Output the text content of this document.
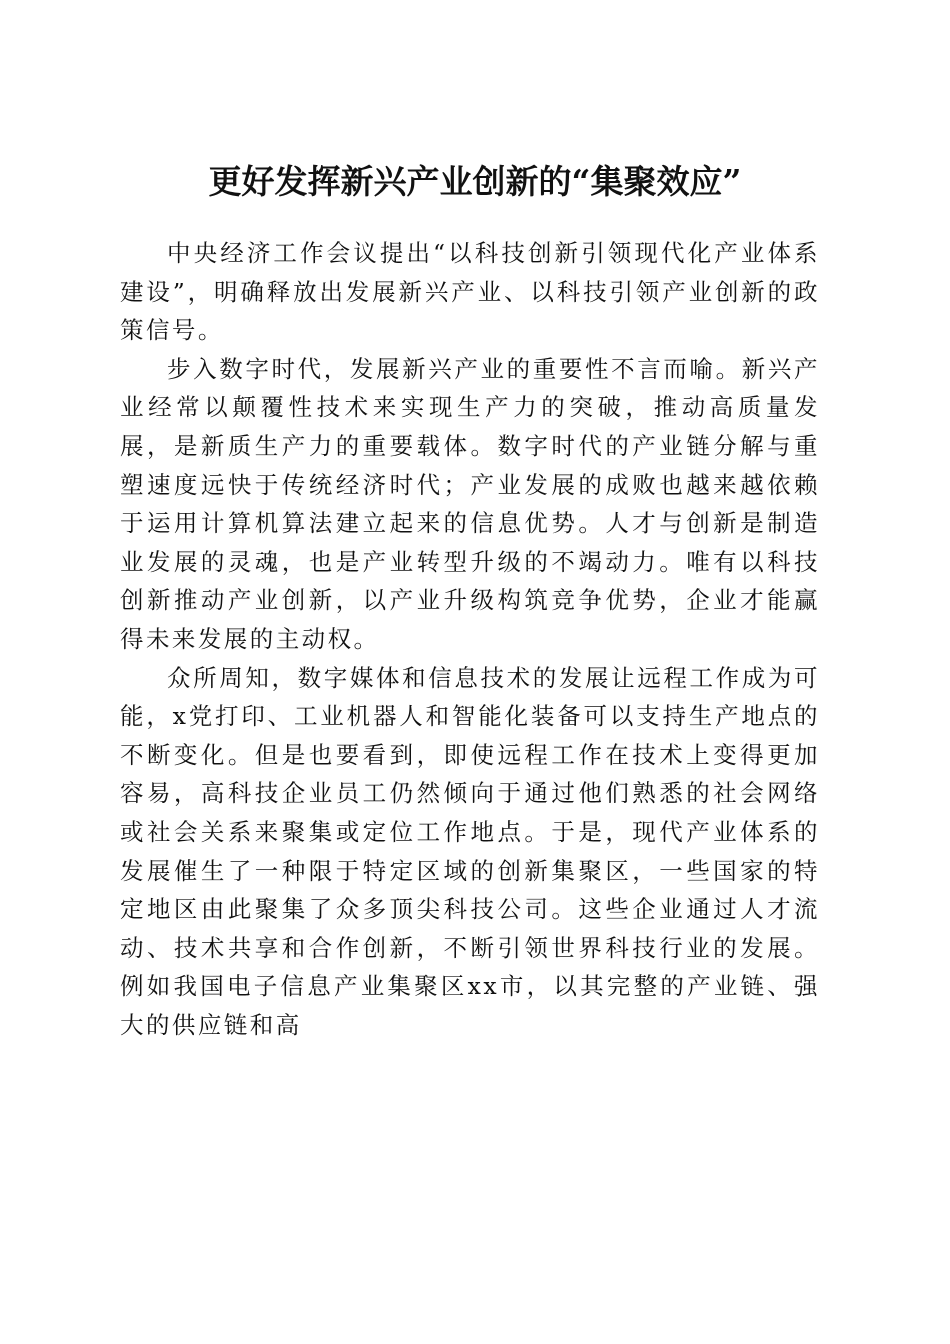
更好发挥新兴产业创新的“集聚效应”

中央经济工作会议提出“以科技创新引领现代化产业体系建设”，明确释放出发展新兴产业、以科技引领产业创新的政策信号。

步入数字时代，发展新兴产业的重要性不言而喻。新兴产业经常以颠覆性技术来实现生产力的突破，推动高质量发展，是新质生产力的重要载体。数字时代的产业链分解与重塑速度远快于传统经济时代；产业发展的成败也越来越依赖于运用计算机算法建立起来的信息优势。人才与创新是制造业发展的灵魂，也是产业转型升级的不竭动力。唯有以科技创新推动产业创新，以产业升级构筑竞争优势，企业才能赢得未来发展的主动权。

众所周知，数字媒体和信息技术的发展让远程工作成为可能，x党打印、工业机器人和智能化装备可以支持生产地点的不断变化。但是也要看到，即使远程工作在技术上变得更加容易，高科技企业员工仍然倾向于通过他们熟悉的社会网络或社会关系来聚集或定位工作地点。于是，现代产业体系的发展催生了一种限于特定区域的创新集聚区，一些国家的特定地区由此聚集了众多顶尖科技公司。这些企业通过人才流动、技术共享和合作创新，不断引领世界科技行业的发展。例如我国电子信息产业集聚区xx市，以其完整的产业链、强大的供应链和高
